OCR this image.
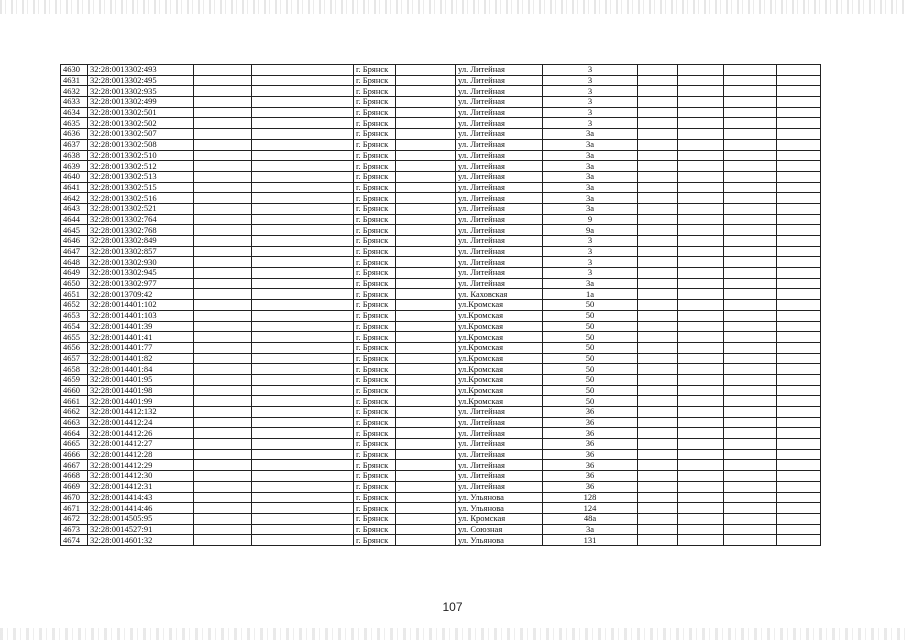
4630	32:28:0013302:493			г. Брянск		ул. Литейная	3				
4631	32:28:0013302:495			г. Брянск		ул. Литейная	3				
4632	32:28:0013302:935			г. Брянск		ул. Литейная	3				
4633	32:28:0013302:499			г. Брянск		ул. Литейная	3				
4634	32:28:0013302:501			г. Брянск		ул. Литейная	3				
4635	32:28:0013302:502			г. Брянск		ул. Литейная	3				
4636	32:28:0013302:507			г. Брянск		ул. Литейная	3а				
4637	32:28:0013302:508			г. Брянск		ул. Литейная	3а				
4638	32:28:0013302:510			г. Брянск		ул. Литейная	3а				
4639	32:28:0013302:512			г. Брянск		ул. Литейная	3а				
4640	32:28:0013302:513			г. Брянск		ул. Литейная	3а				
4641	32:28:0013302:515			г. Брянск		ул. Литейная	3а				
4642	32:28:0013302:516			г. Брянск		ул. Литейная	3а				
4643	32:28:0013302:521			г. Брянск		ул. Литейная	3а				
4644	32:28:0013302:764			г. Брянск		ул. Литейная	9				
4645	32:28:0013302:768			г. Брянск		ул. Литейная	9а				
4646	32:28:0013302:849			г. Брянск		ул. Литейная	3				
4647	32:28:0013302:857			г. Брянск		ул. Литейная	3				
4648	32:28:0013302:930			г. Брянск		ул. Литейная	3				
4649	32:28:0013302:945			г. Брянск		ул. Литейная	3				
4650	32:28:0013302:977			г. Брянск		ул. Литейная	3а				
4651	32:28:0013709:42			г. Брянск		ул. Каховская	1а				
4652	32:28:0014401:102			г. Брянск		ул.Кромская	50				
4653	32:28:0014401:103			г. Брянск		ул.Кромская	50				
4654	32:28:0014401:39			г. Брянск		ул.Кромская	50				
4655	32:28:0014401:41			г. Брянск		ул.Кромская	50				
4656	32:28:0014401:77			г. Брянск		ул.Кромская	50				
4657	32:28:0014401:82			г. Брянск		ул.Кромская	50				
4658	32:28:0014401:84			г. Брянск		ул.Кромская	50				
4659	32:28:0014401:95			г. Брянск		ул.Кромская	50				
4660	32:28:0014401:98			г. Брянск		ул.Кромская	50				
4661	32:28:0014401:99			г. Брянск		ул.Кромская	50				
4662	32:28:0014412:132			г. Брянск		ул. Литейная	36				
4663	32:28:0014412:24			г. Брянск		ул. Литейная	36				
4664	32:28:0014412:26			г. Брянск		ул. Литейная	36				
4665	32:28:0014412:27			г. Брянск		ул. Литейная	36				
4666	32:28:0014412:28			г. Брянск		ул. Литейная	36				
4667	32:28:0014412:29			г. Брянск		ул. Литейная	36				
4668	32:28:0014412:30			г. Брянск		ул. Литейная	36				
4669	32:28:0014412:31			г. Брянск		ул. Литейная	36				
4670	32:28:0014414:43			г. Брянск		ул. Ульянова	128				
4671	32:28:0014414:46			г. Брянск		ул. Ульянова	124				
4672	32:28:0014505:95			г. Брянск		ул. Кромская	48а				
4673	32:28:0014527:91			г. Брянск		ул. Союзная	3а				
4674	32:28:0014601:32			г. Брянск		ул. Ульянова	131				
107
